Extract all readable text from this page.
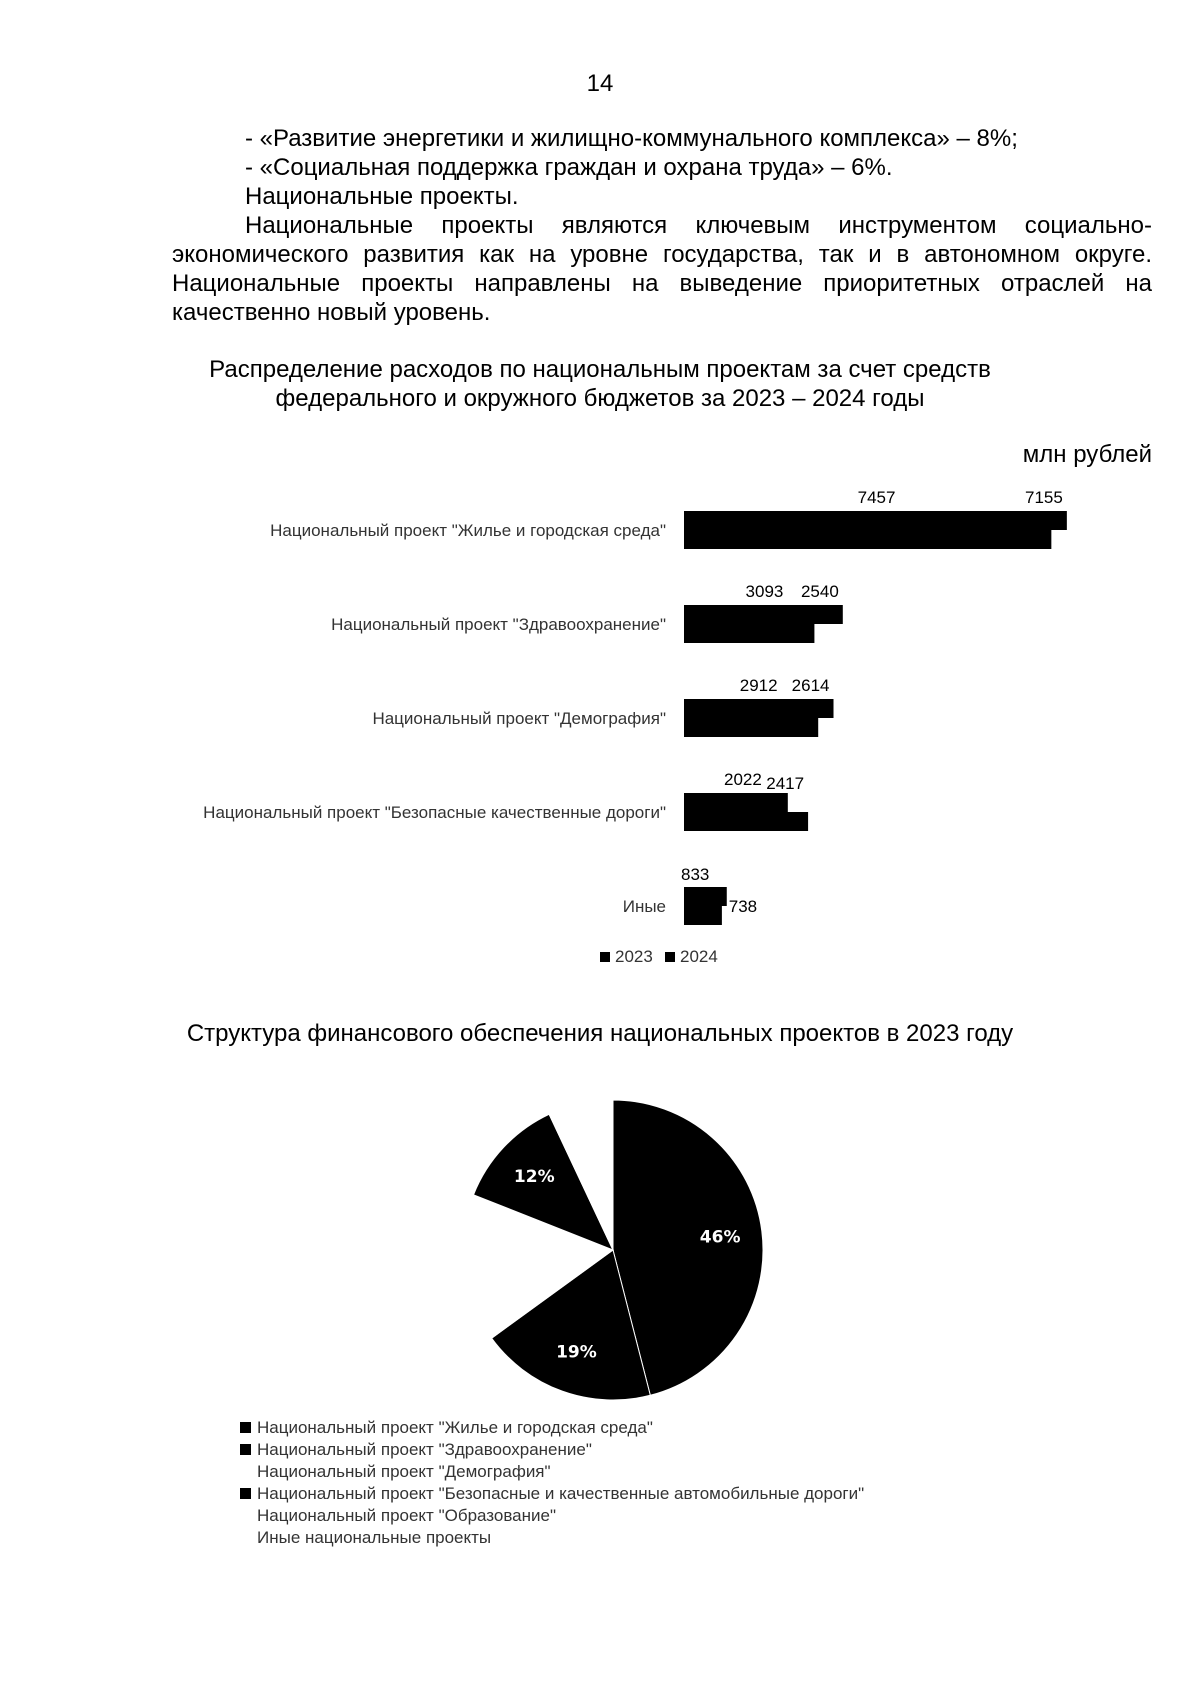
14
- «Развитие энергетики и жилищно-коммунального комплекса» – 8%;
- «Социальная поддержка граждан и охрана труда» – 6%.
Национальные проекты.
Национальные проекты являются ключевым инструментом социально-экономического развития как на уровне государства, так и в автономном округе. Национальные проекты направлены на выведение приоритетных отраслей на качественно новый уровень.
Распределение расходов по национальным проектам за счет средств
федерального и окружного бюджетов за 2023 – 2024 годы
млн рублей
Структура финансового обеспечения национальных проектов в 2023 году
Национальный проект "Жилье и городская среда"
7457	7155
Национальный проект "Здравоохранение"
3093 2540
Национальный проект "Демография"
2912 2614
Национальный проект "Безопасные качественные дороги"
2022 2417
Иные
833
738
2023 2024
46%
19%
12%
Национальный проект "Жилье и городская среда"
Национальный проект "Здравоохранение"
Национальный проект "Демография"
Национальный проект "Безопасные и качественные автомобильные дороги"
Национальный проект "Образование"
Иные национальные проекты
